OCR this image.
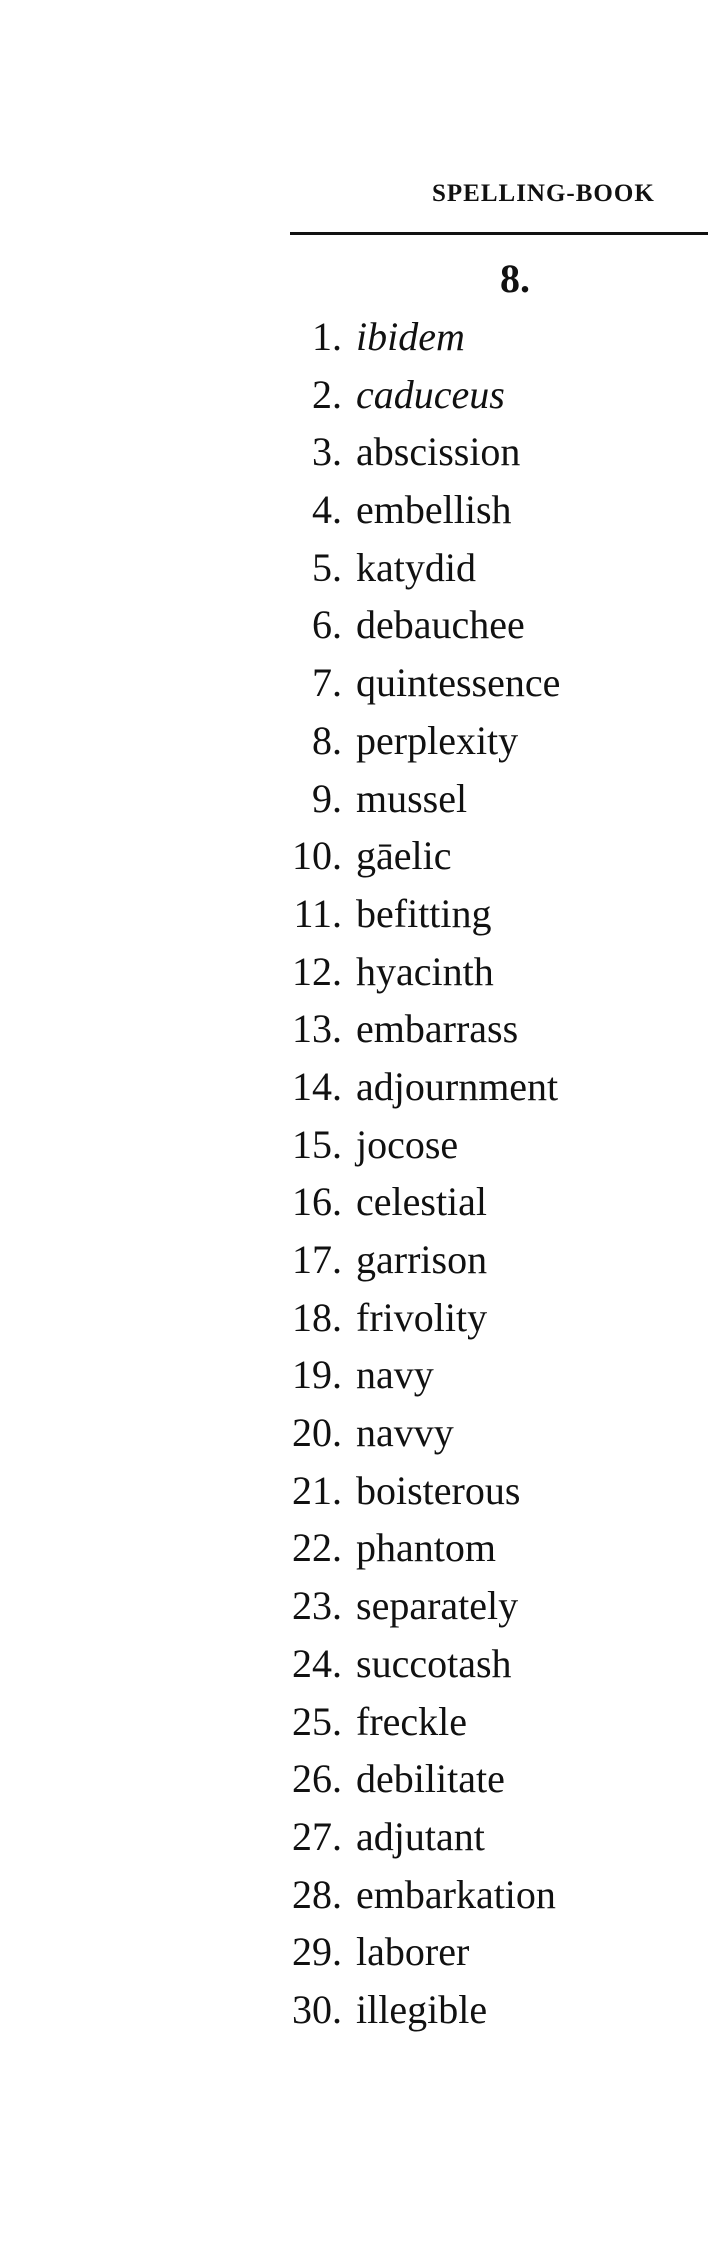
SPELLING-BOOK
8.
1. ibidem
2. caduceus
3. abscission
4. embellish
5. katydid
6. debauchee
7. quintessence
8. perplexity
9. mussel
10. gāelic
11. befitting
12. hyacinth
13. embarrass
14. adjournment
15. jocose
16. celestial
17. garrison
18. frivolity
19. navy
20. navvy
21. boisterous
22. phantom
23. separately
24. succotash
25. freckle
26. debilitate
27. adjutant
28. embarkation
29. laborer
30. illegible
